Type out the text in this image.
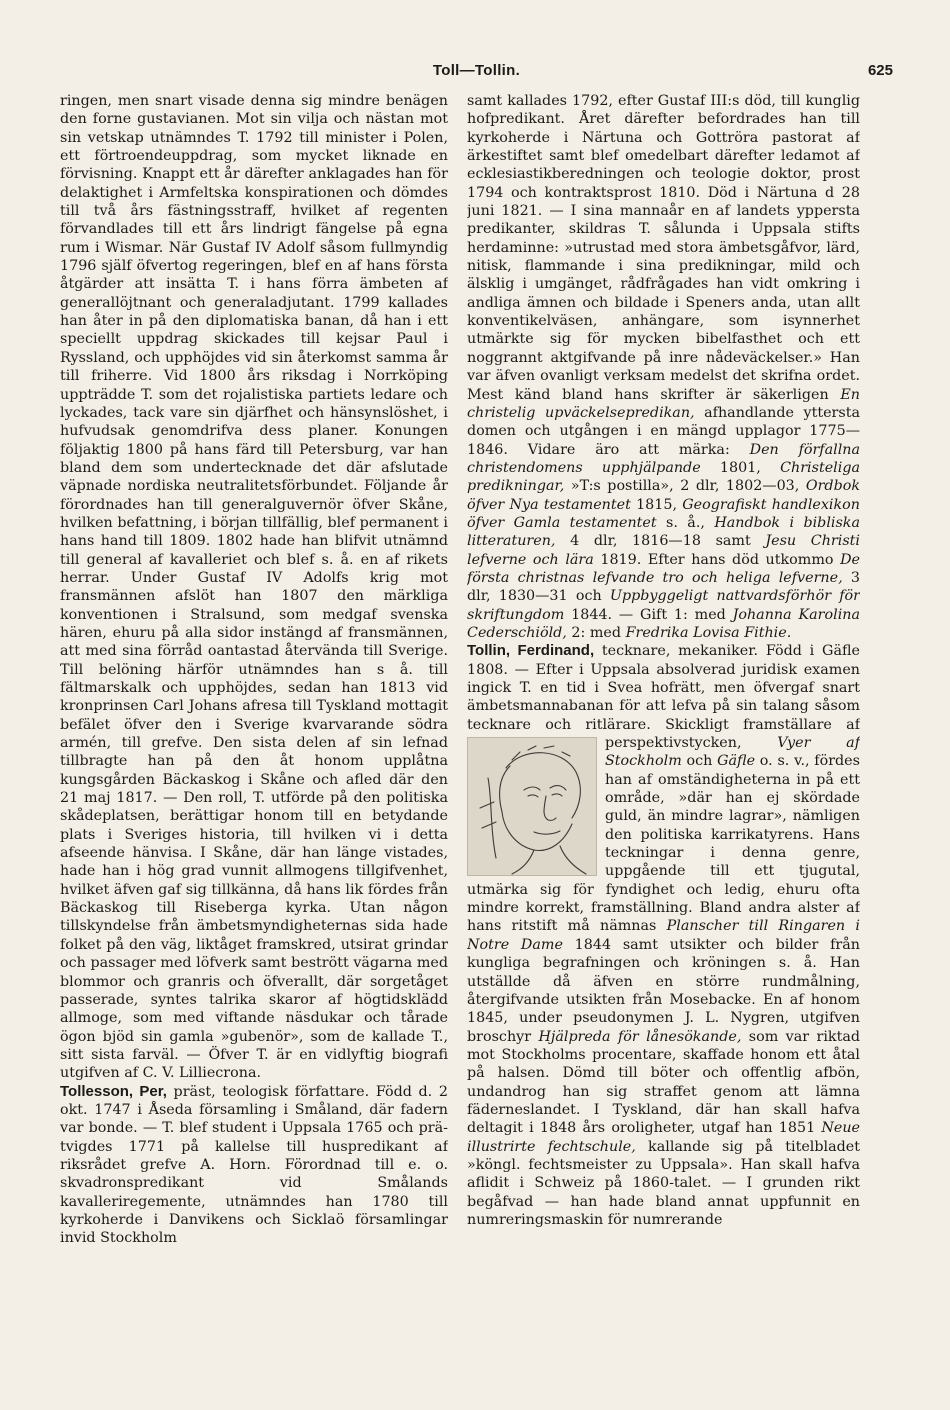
Toll—Tollin.	625

ringen, men snart visade denna sig mindre benägen den forne gustavianen. Mot sin vilja och nästan mot sin vetskap utnämndes T. 1792 till minister i Polen, ett förtroendeuppdrag, som mycket liknade en förvisning. Knappt ett år därefter anklagades han för delaktighet i Armfeltska konspirationen och dömdes till två års fästningsstraff, hvilket af regenten förvandlades till ett års lindrigt fängelse på egna rum i Wismar. När Gustaf IV Adolf såsom fullmyndig 1796 själf öfvertog regeringen, blef en af hans första åtgärder att insätta T. i hans förra ämbeten af generallöjtnant och generaladjutant. 1799 kallades han åter in på den diplomatiska banan, då han i ett speciellt uppdrag skickades till kejsar Paul i Ryssland, och upphöjdes vid sin återkomst samma år till friherre. Vid 1800 års riksdag i Norrköping uppträdde T. som det rojalistiska partiets ledare och lyckades, tack vare sin djärfhet och hänsynslöshet, i hufvudsak genomdrifva dess planer. Konungen följaktig 1800 på hans färd till Petersburg, var han bland dem som undertecknade det där afslutade väpnade nordiska neutralitetsförbundet. Följande år förordnades han till generalguvernör öfver Skåne, hvilken befattning, i början tillfällig, blef permanent i hans hand till 1809. 1802 hade han blifvit utnämnd till general af kavalleriet och blef s. å. en af rikets herrar. Under Gustaf IV Adolfs krig mot fransmännen afslöt han 1807 den märkliga konventionen i Stralsund, som medgaf svenska hären, ehuru på alla sidor instängd af fransmännen, att med sina förråd oantastad återvända till Sverige. Till belöning härför utnämndes han s å. till fältmarskalk och upphöjdes, sedan han 1813 vid kronprinsen Carl Johans afresa till Tyskland mottagit befälet öfver den i Sverige kvarvarande södra armén, till grefve. Den sista delen af sin lefnad tillbragte han på den åt honom upplåtna kungsgården Bäckaskog i Skåne och afled där den 21 maj 1817. — Den roll, T. utförde på den politiska skådeplatsen, berättigar honom till en betydande plats i Sveriges historia, till hvilken vi i detta afseende hänvisa. I Skåne, där han länge vistades, hade han i hög grad vunnit allmogens tillgifvenhet, hvilket äfven gaf sig tillkänna, då hans lik fördes från Bäckaskog till Riseberga kyrka. Utan någon tillskyndelse från ämbetsmyndigheternas sida hade folket på den väg, liktåget framskred, utsirat grindar och passager med löfverk samt bestrött vägarna med blommor och granris och öfverallt, där sorgetåget passerade, syntes talrika skaror af högtidsklädd allmoge, som med viftande näsdukar och tårade ögon bjöd sin gamla »gubenör», som de kallade T., sitt sista farväl. — Öfver T. är en vidlyftig biografi utgifven af C. V. Lilliecrona.

Tollesson, Per, präst, teologisk författare. Född d. 2 okt. 1747 i Åseda församling i Småland, där fadern var bonde. — T. blef student i Uppsala 1765 och prä-tvigdes 1771 på kallelse till huspredikant af riksrådet grefve A. Horn. Förordnad till e. o. skvadronspredikant vid Smålands kavalleriregemente, utnämndes han 1780 till kyrkoherde i Danvikens och Sicklaö församlingar invid Stockholm

samt kallades 1792, efter Gustaf III:s död, till kunglig hofpredikant. Året därefter befordrades han till kyrkoherde i Närtuna och Gottröra pastorat af ärkestiftet samt blef omedelbart därefter ledamot af ecklesiastikberedningen och teologie doktor, prost 1794 och kontraktsprost 1810. Död i Närtuna d 28 juni 1821. — I sina mannaår en af landets yppersta predikanter, skildras T. sålunda i Uppsala stifts herdaminne: »utrustad med stora ämbetsgåfvor, lärd, nitisk, flammande i sina predikningar, mild och älsklig i umgänget, rådfrågades han vidt omkring i andliga ämnen och bildade i Speners anda, utan allt konventikelväsen, anhängare, som isynnerhet utmärkte sig för mycken bibelfasthet och ett noggrannt aktgifvande på inre nådeväckelser.» Han var äfven ovanligt verksam medelst det skrifna ordet. Mest känd bland hans skrifter är säkerligen En christelig upväckelsepredikan, afhandlande yttersta domen och utgången i en mängd upplagor 1775—1846. Vidare äro att märka: Den förfallna christendomens upphjälpande 1801, Christeliga predikningar, »T:s postilla», 2 dlr, 1802—03, Ordbok öfver Nya testamentet 1815, Geografiskt handlexikon öfver Gamla testamentet s. å., Handbok i bibliska litteraturen, 4 dlr, 1816—18 samt Jesu Christi lefverne och lära 1819. Efter hans död utkommo De första christnas lefvande tro och heliga lefverne, 3 dlr, 1830—31 och Uppbyggeligt nattvardsförhör för skriftungdom 1844. — Gift 1: med Johanna Karolina Cederschiöld, 2: med Fredrika Lovisa Fithie.

Tollin, Ferdinand, tecknare, mekaniker. Född i Gäfle 1808. — Efter i Uppsala absolverad juridisk examen ingick T. en tid i Svea hofrätt, men öfvergaf snart ämbetsmannabanan för att lefva på sin talang såsom tecknare och ritlärare. Skickligt framställare af perspektivstycken,
Vyer af Stockholm och Gäfle o. s. v., fördes han af omständigheterna in på ett område, »där han ej skördade guld, än mindre lagrar», nämligen den politiska karrikatyrens. Hans teckningar i denna genre, uppgående till ett tjugutal, utmärka sig för fyndighet och ledig, ehuru ofta mindre korrekt, framställning. Bland andra alster af hans ritstift må nämnas Planscher till Ringaren i Notre Dame 1844 samt utsikter och bilder från kungliga begrafningen och kröningen s. å. Han utställde då äfven en större rundmålning, återgifvande utsikten från Mosebacke. En af honom 1845, under pseudonymen J. L. Nygren, utgifven broschyr Hjälpreda för lånesökande, som var riktad mot Stockholms procentare, skaffade honom ett åtal på halsen. Dömd till böter och offentlig afbön, undandrog han sig straffet genom att lämna fäderneslandet. I Tyskland, där han skall hafva deltagit i 1848 års oroligheter, utgaf han 1851 Neue illustrirte fechtschule, kallande sig på titelbladet »köngl. fechtsmeister zu Uppsala». Han skall hafva aflidit i Schweiz på 1860-talet. — I grunden rikt begåfvad — han hade bland annat uppfunnit en numreringsmaskin för numrerande
